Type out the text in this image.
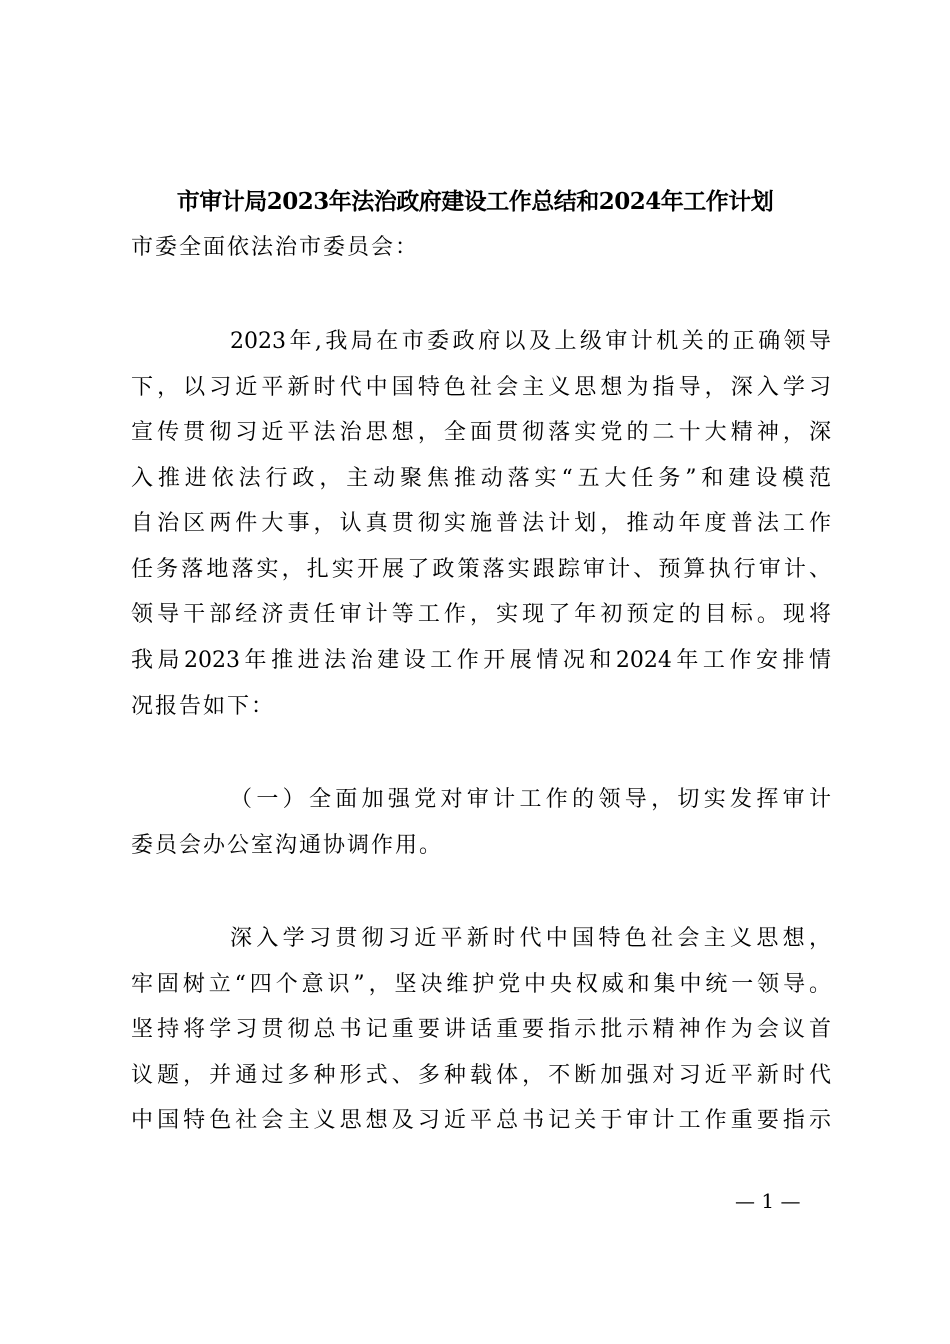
市审计局2023年法治政府建设工作总结和2024年工作计划
市委全面依法治市委员会：
2023年,我局在市委政府以及上级审计机关的正确领导
下，以习近平新时代中国特色社会主义思想为指导，深入学习
宣传贯彻习近平法治思想，全面贯彻落实党的二十大精神，深
入推进依法行政，主动聚焦推动落实“五大任务”和建设模范
自治区两件大事，认真贯彻实施普法计划，推动年度普法工作
任务落地落实，扎实开展了政策落实跟踪审计、预算执行审计、
领导干部经济责任审计等工作，实现了年初预定的目标。现将
我局2023年推进法治建设工作开展情况和2024年工作安排情
况报告如下：
（一）全面加强党对审计工作的领导，切实发挥审计
委员会办公室沟通协调作用。
深入学习贯彻习近平新时代中国特色社会主义思想，
牢固树立“四个意识”，坚决维护党中央权威和集中统一领导。
坚持将学习贯彻总书记重要讲话重要指示批示精神作为会议首
议题，并通过多种形式、多种载体，不断加强对习近平新时代
中国特色社会主义思想及习近平总书记关于审计工作重要指示
— 1 —
